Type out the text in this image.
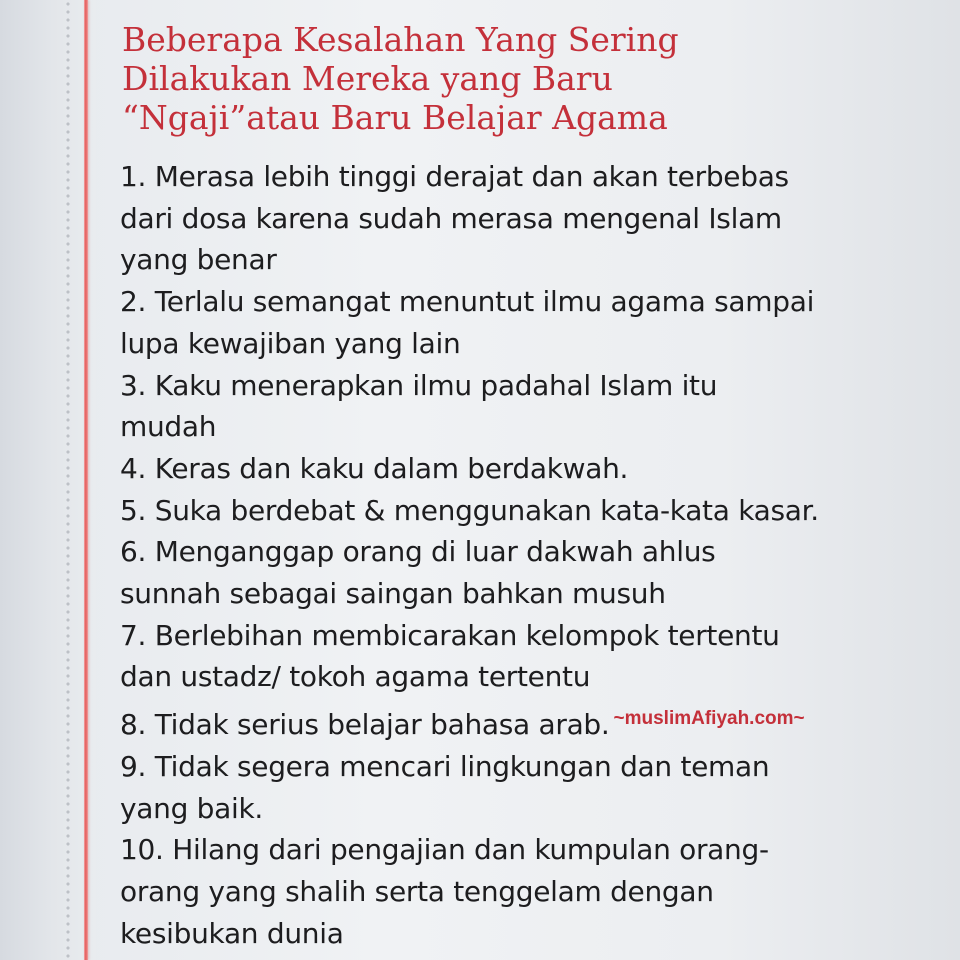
Beberapa Kesalahan Yang Sering
Dilakukan Mereka yang Baru
“Ngaji”atau Baru Belajar Agama
1. Merasa lebih tinggi derajat dan akan terbebas
dari dosa karena sudah merasa mengenal Islam
yang benar
2. Terlalu semangat menuntut ilmu agama sampai
lupa kewajiban yang lain
3. Kaku menerapkan ilmu padahal Islam itu
mudah
4. Keras dan kaku dalam berdakwah.
5. Suka berdebat & menggunakan kata-kata kasar.
6. Menganggap orang di luar dakwah ahlus
sunnah sebagai saingan bahkan musuh
7. Berlebihan membicarakan kelompok tertentu
dan ustadz/ tokoh agama tertentu
8. Tidak serius belajar bahasa arab. $^{\sim muslimAfiyah.com\sim}$
9. Tidak segera mencari lingkungan dan teman
yang baik.
10. Hilang dari pengajian dan kumpulan orang-
orang yang shalih serta tenggelam dengan
kesibukan dunia
